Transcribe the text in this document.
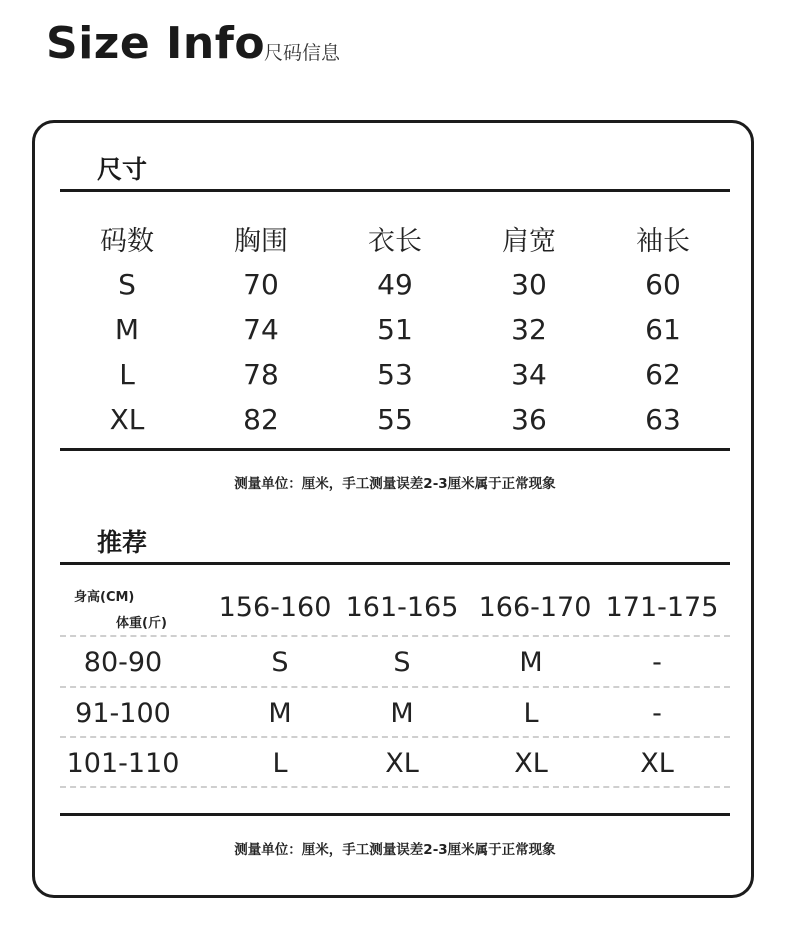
Size Info
尺码信息
尺寸
码数	胸围	衣长	肩宽	袖长
S	70	49	30	60
M	74	51	32	61
L	78	53	34	62
XL	82	55	36	63
测量单位：厘米，手工测量误差2-3厘米属于正常现象
推荐
身高(CM)
体重(斤)
156-160 161-165 166-170 171-175
80-90	S	S	M	-
91-100	M	M	L	-
101-110	L	XL	XL	XL
测量单位：厘米，手工测量误差2-3厘米属于正常现象
